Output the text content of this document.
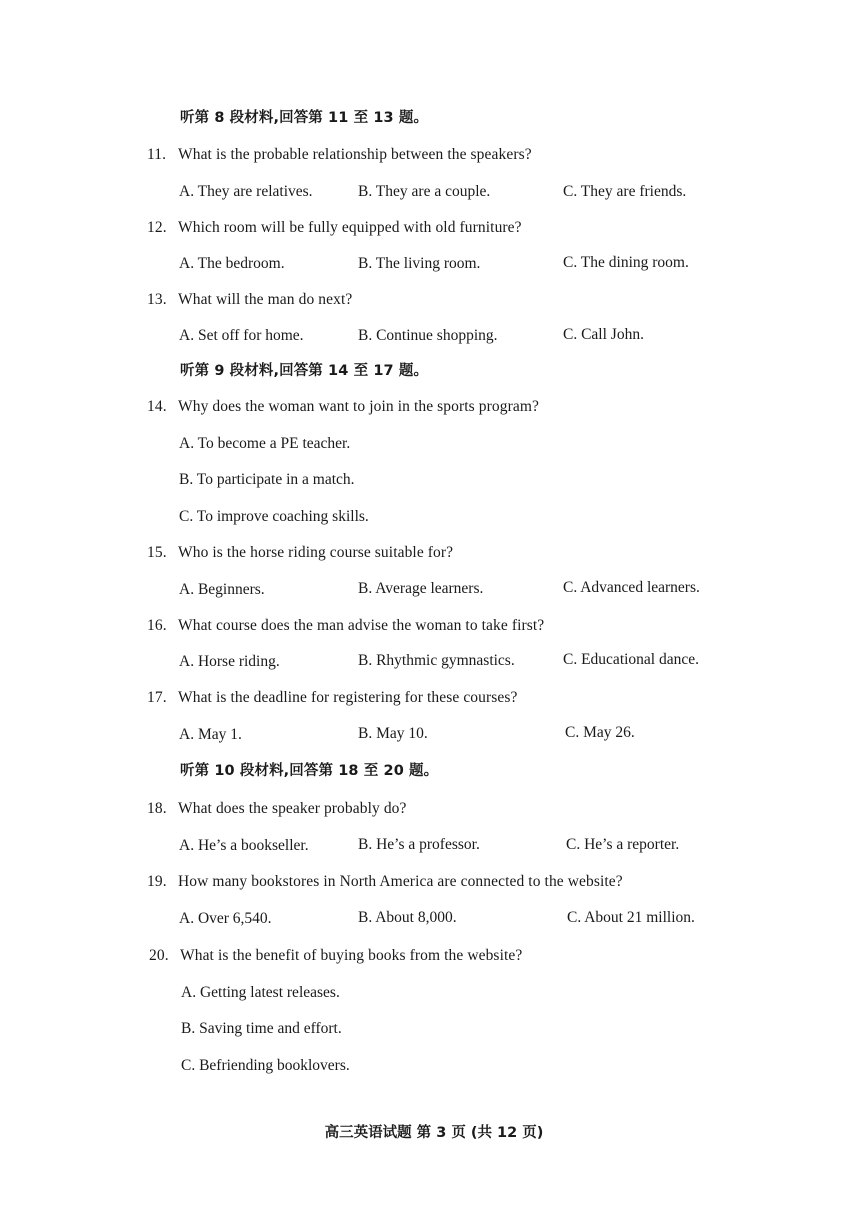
听第 8 段材料,回答第 11 至 13 题。
11. What is the probable relationship between the speakers?
A. They are relatives.	B. They are a couple.	C. They are friends.
12. Which room will be fully equipped with old furniture?
A. The bedroom.	B. The living room.	C. The dining room.
13. What will the man do next?
A. Set off for home.	B. Continue shopping.	C. Call John.
听第 9 段材料,回答第 14 至 17 题。
14. Why does the woman want to join in the sports program?
A. To become a PE teacher.
B. To participate in a match.
C. To improve coaching skills.
15. Who is the horse riding course suitable for?
A. Beginners.	B. Average learners.	C. Advanced learners.
16. What course does the man advise the woman to take first?
A. Horse riding.	B. Rhythmic gymnastics.	C. Educational dance.
17. What is the deadline for registering for these courses?
A. May 1.	B. May 10.	C. May 26.
听第 10 段材料,回答第 18 至 20 题。
18. What does the speaker probably do?
A. He’s a bookseller.	B. He’s a professor.	C. He’s a reporter.
19. How many bookstores in North America are connected to the website?
A. Over 6,540.	B. About 8,000.	C. About 21 million.
20. What is the benefit of buying books from the website?
A. Getting latest releases.
B. Saving time and effort.
C. Befriending booklovers.
高三英语试题 第 3 页 (共 12 页)
